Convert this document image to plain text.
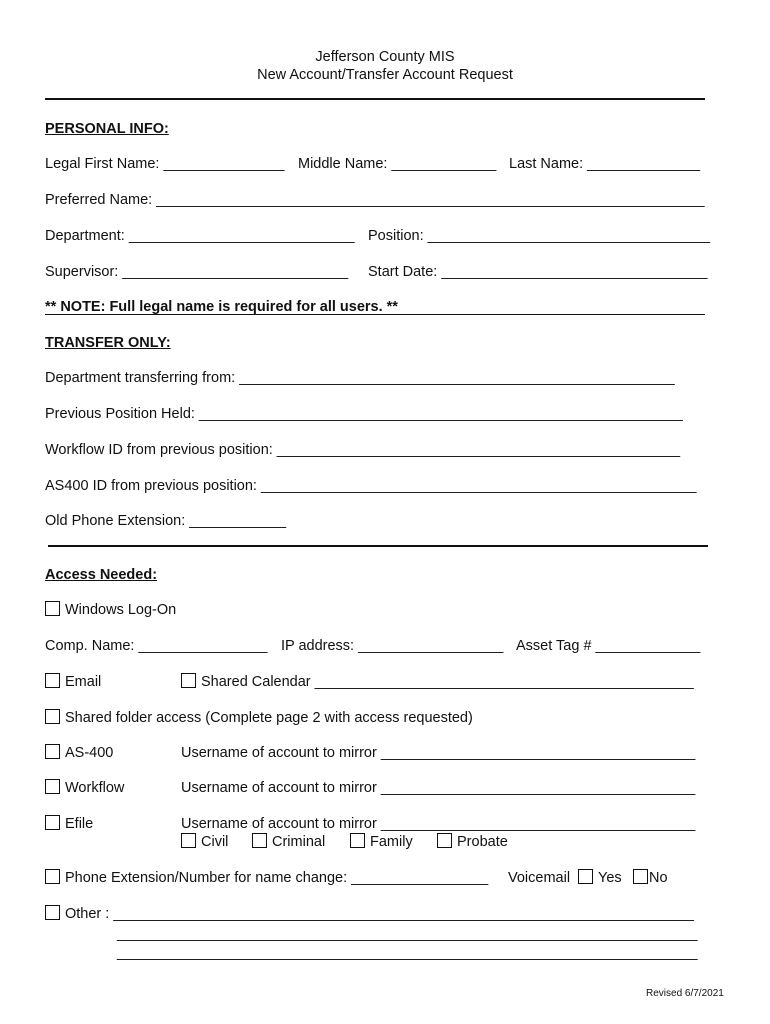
Jefferson County MIS
New Account/Transfer Account Request
PERSONAL INFO:
Legal First Name: _______________ Middle Name: _____________ Last Name: ______________
Preferred Name: ____________________________________________________________________
Department: ____________________________ Position: ___________________________________
Supervisor: ____________________________ Start Date: _________________________________
** NOTE: Full legal name is required for all users. **
TRANSFER ONLY:
Department transferring from: ______________________________________________________
Previous Position Held: ____________________________________________________________
Workflow ID from previous position: __________________________________________________
AS400 ID from previous position: ______________________________________________________
Old Phone Extension: ____________
Access Needed:
Windows Log-On
Comp. Name: ________________ IP address: __________________ Asset Tag # _____________
Email	Shared Calendar _______________________________________________
Shared folder access (Complete page 2 with access requested)
AS-400	Username of account to mirror _______________________________________
Workflow	Username of account to mirror _______________________________________
Efile	Username of account to mirror _______________________________________
Civil	Criminal	Family	Probate
Phone Extension/Number for name change: _________________ Voicemail	Yes	No
Other : ________________________________________________________________________
________________________________________________________________________
________________________________________________________________________
Revised 6/7/2021
